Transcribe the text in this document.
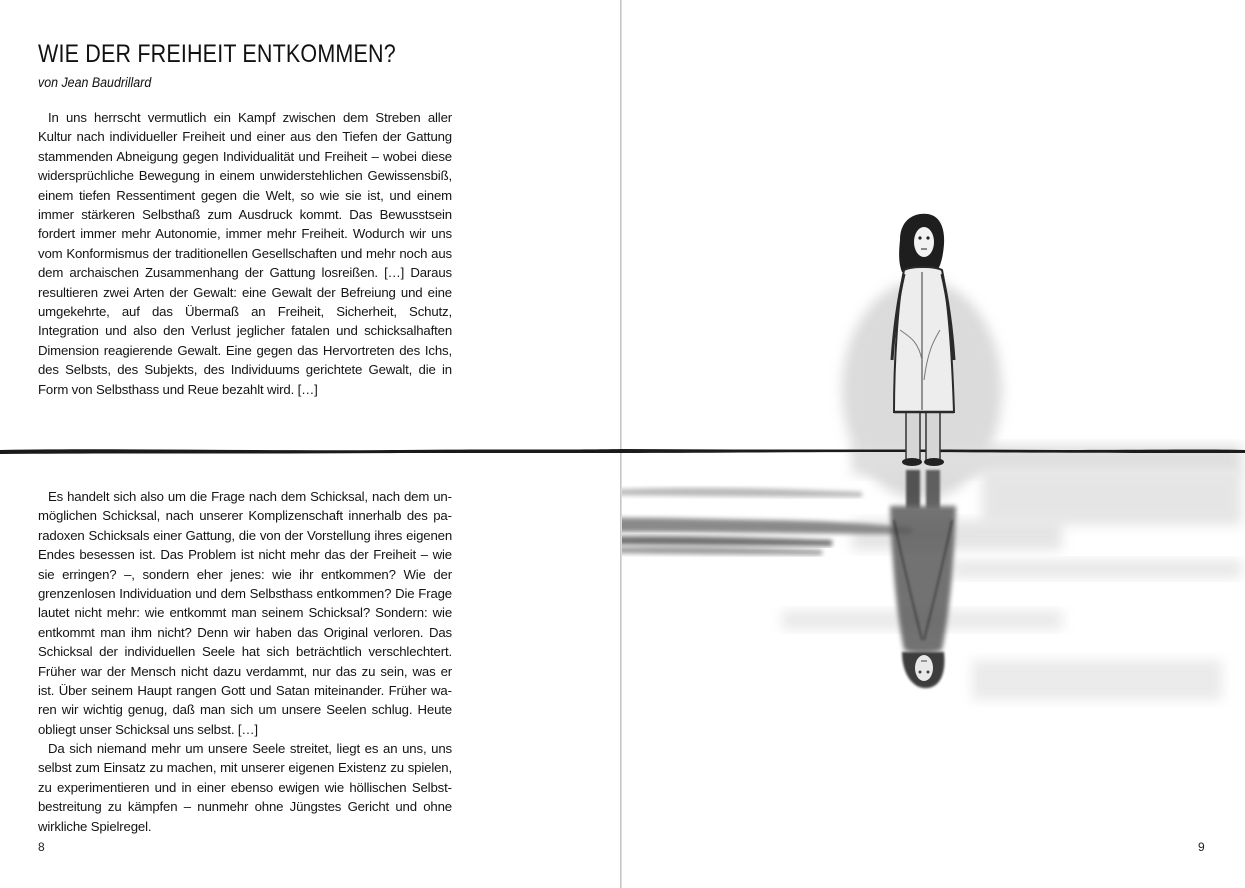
WIE DER FREIHEIT ENTKOMMEN?

von Jean Baudrillard

In uns herrscht vermutlich ein Kampf zwischen dem Streben aller Kultur nach individueller Freiheit und einer aus den Tiefen der Gattung stammenden Abneigung gegen Individualität und Freiheit – wobei diese widersprüchliche Bewegung in einem unwiderstehlichen Gewissensbiß, einem tiefen Ressentiment gegen die Welt, so wie sie ist, und einem immer stärkeren Selbsthaß zum Ausdruck kommt. Das Bewusstsein fordert immer mehr Autonomie, immer mehr Freiheit. Wodurch wir uns vom Konformismus der traditionellen Gesellschaften und mehr noch aus dem archaischen Zusammenhang der Gattung losreißen. […] Daraus resultieren zwei Arten der Gewalt: eine Gewalt der Befreiung und eine umgekehrte, auf das Übermaß an Freiheit, Sicherheit, Schutz, Integration und also den Verlust jeglicher fatalen und schicksalhaften Dimension reagierende Gewalt. Eine gegen das Hervortreten des Ichs, des Selbsts, des Subjekts, des Individuums gerichtete Gewalt, die in Form von Selbsthass und Reue bezahlt wird. […]

Es handelt sich also um die Frage nach dem Schicksal, nach dem unmöglichen Schicksal, nach unserer Komplizenschaft innerhalb des paradoxen Schicksals einer Gattung, die von der Vorstellung ihres eigenen Endes besessen ist. Das Problem ist nicht mehr das der Freiheit – wie sie erringen? –, sondern eher jenes: wie ihr entkommen? Wie der grenzenlosen Individuation und dem Selbsthass entkommen? Die Frage lautet nicht mehr: wie entkommt man seinem Schicksal? Sondern: wie entkommt man ihm nicht? Denn wir haben das Original verloren. Das Schicksal der individuellen Seele hat sich beträchtlich verschlechtert. Früher war der Mensch nicht dazu verdammt, nur das zu sein, was er ist. Über seinem Haupt rangen Gott und Satan miteinander. Früher waren wir wichtig genug, daß man sich um unsere Seelen schlug. Heute obliegt unser Schicksal uns selbst. […]

Da sich niemand mehr um unsere Seele streitet, liegt es an uns, uns selbst zum Einsatz zu machen, mit unserer eigenen Existenz zu spielen, zu experimentieren und in einer ebenso ewigen wie höllischen Selbstbestreitung zu kämpfen – nunmehr ohne Jüngstes Gericht und ohne wirkliche Spielregel.

8	9
